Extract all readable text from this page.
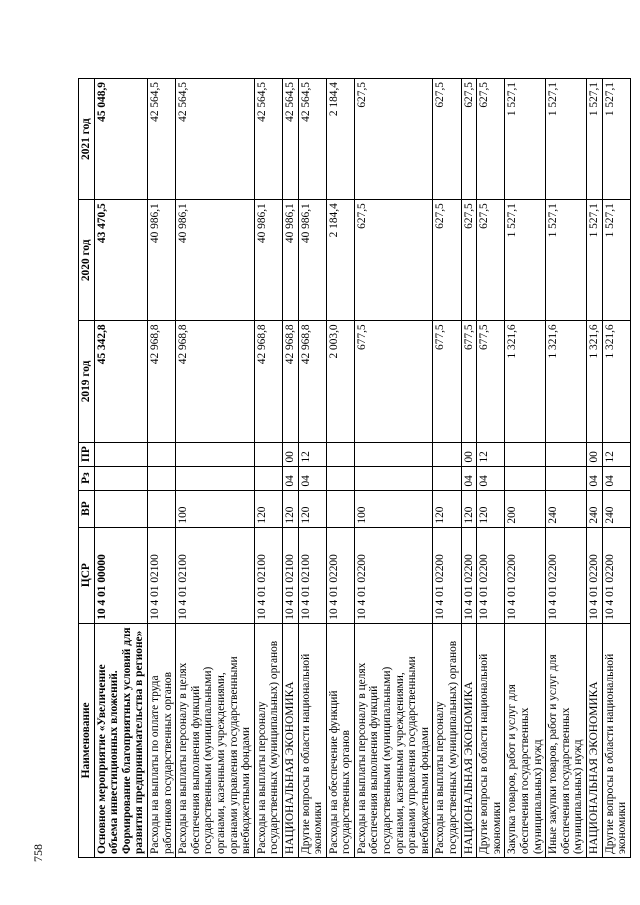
758
Наименование	ЦСР	ВР	Рз	ПР	2019 год	2020 год	2021 год
Основное мероприятие «Увеличение объема инвестиционных вложений. Формирование благоприятных условий для развития предпринимательства в регионе»	10 4 01 00000				45 342,8	43 470,5	45 048,9
Расходы на выплаты по оплате труда работников государственных органов	10 4 01 02100				42 968,8	40 986,1	42 564,5
Расходы на выплаты персоналу в целях обеспечения выполнения функций государственными (муниципальными) органами, казенными учреждениями, органами управления государственными внебюджетными фондами	10 4 01 02100	100			42 968,8	40 986,1	42 564,5
Расходы на выплаты персоналу государственных (муниципальных) органов	10 4 01 02100	120			42 968,8	40 986,1	42 564,5
НАЦИОНАЛЬНАЯ ЭКОНОМИКА	10 4 01 02100	120	04	00	42 968,8	40 986,1	42 564,5
Другие вопросы в области национальной экономики	10 4 01 02100	120	04	12	42 968,8	40 986,1	42 564,5
Расходы на обеспечение функций государственных органов	10 4 01 02200				2 003,0	2 184,4	2 184,4
Расходы на выплаты персоналу в целях обеспечения выполнения функций государственными (муниципальными) органами, казенными учреждениями, органами управления государственными внебюджетными фондами	10 4 01 02200	100			677,5	627,5	627,5
Расходы на выплаты персоналу государственных (муниципальных) органов	10 4 01 02200	120			677,5	627,5	627,5
НАЦИОНАЛЬНАЯ ЭКОНОМИКА	10 4 01 02200	120	04	00	677,5	627,5	627,5
Другие вопросы в области национальной экономики	10 4 01 02200	120	04	12	677,5	627,5	627,5
Закупка товаров, работ и услуг для обеспечения государственных (муниципальных) нужд	10 4 01 02200	200			1 321,6	1 527,1	1 527,1
Иные закупки товаров, работ и услуг для обеспечения государственных (муниципальных) нужд	10 4 01 02200	240			1 321,6	1 527,1	1 527,1
НАЦИОНАЛЬНАЯ ЭКОНОМИКА	10 4 01 02200	240	04	00	1 321,6	1 527,1	1 527,1
Другие вопросы в области национальной экономики	10 4 01 02200	240	04	12	1 321,6	1 527,1	1 527,1
